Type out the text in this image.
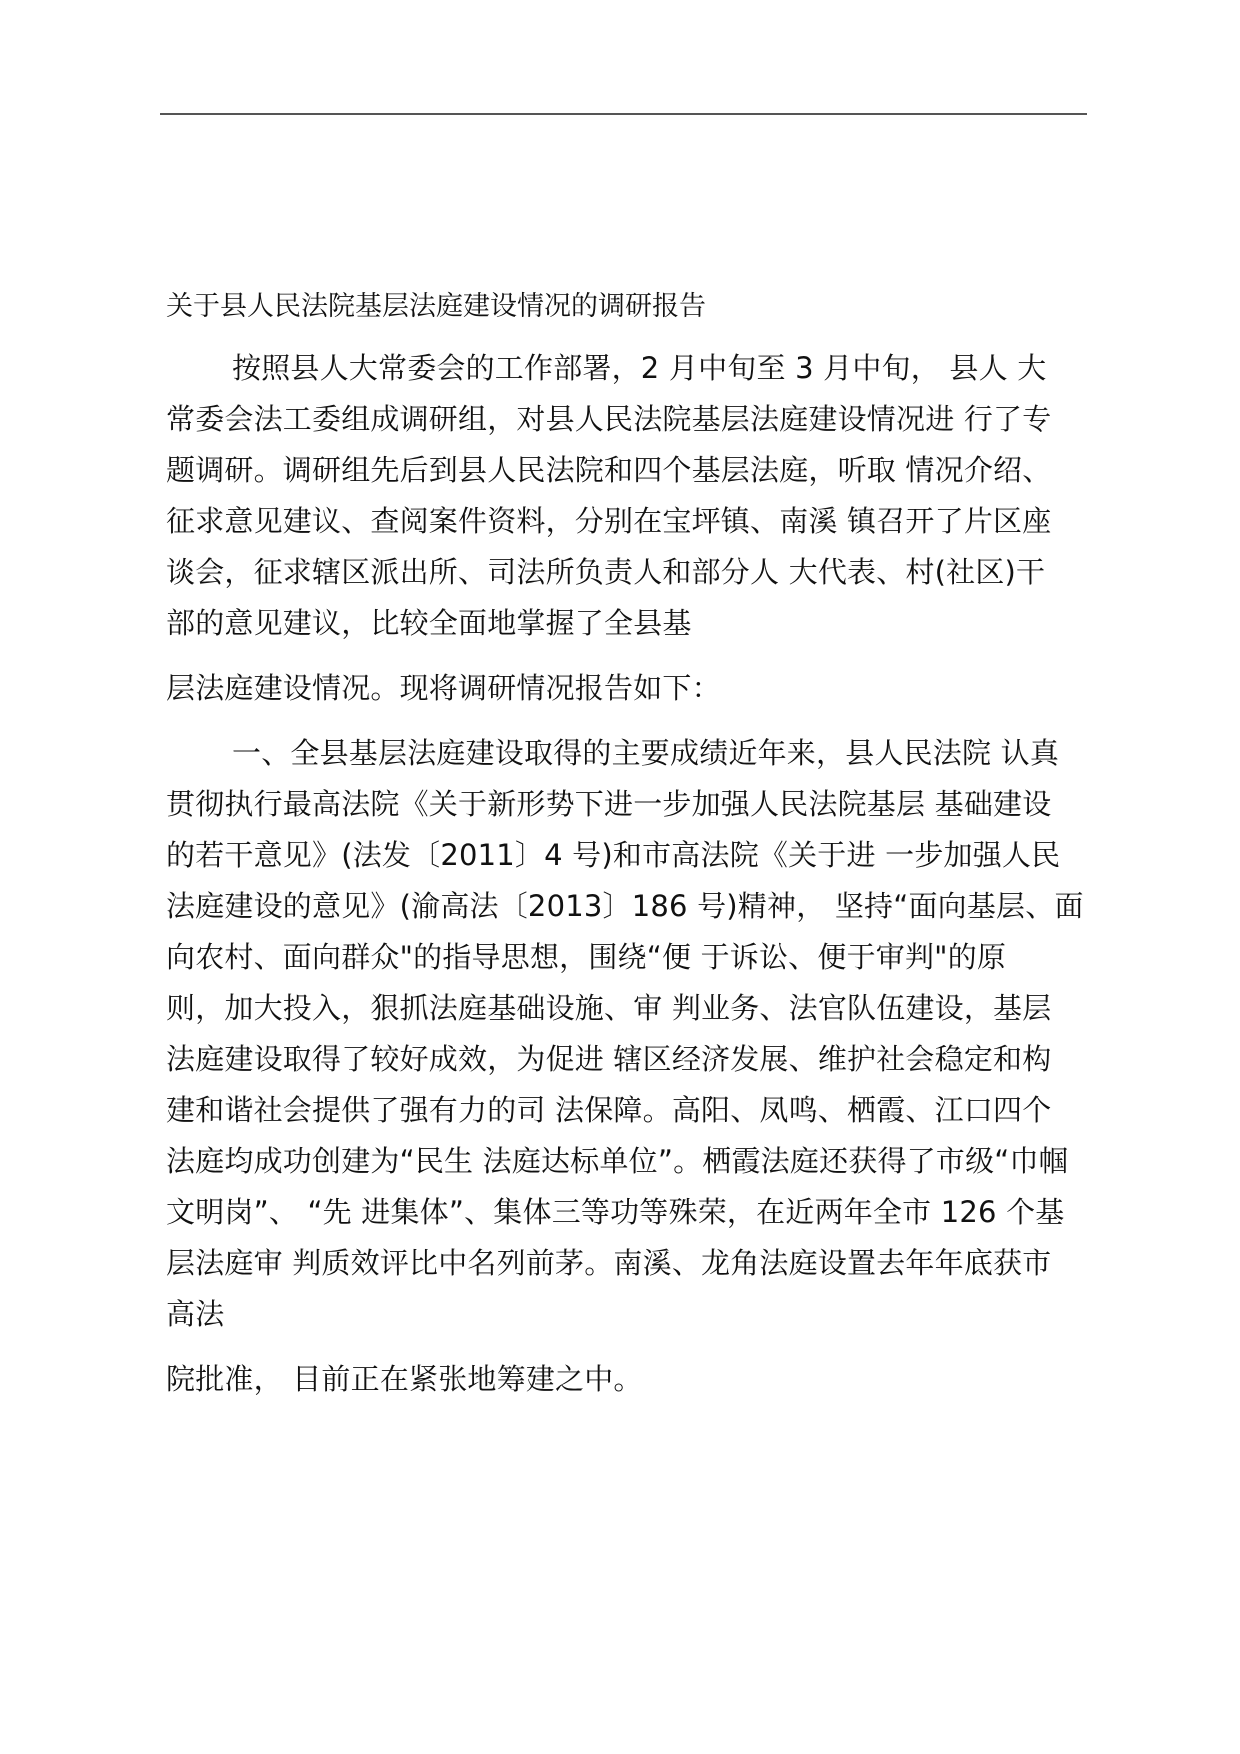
关于县人民法院基层法庭建设情况的调研报告
按照县人大常委会的工作部署，2 月中旬至 3 月中旬， 县人 大
常委会法工委组成调研组，对县人民法院基层法庭建设情况进 行了专
题调研。调研组先后到县人民法院和四个基层法庭，听取 情况介绍、
征求意见建议、查阅案件资料，分别在宝坪镇、南溪 镇召开了片区座
谈会，征求辖区派出所、司法所负责人和部分人 大代表、村(社区)干
部的意见建议，比较全面地掌握了全县基
层法庭建设情况。现将调研情况报告如下：
一、全县基层法庭建设取得的主要成绩近年来，县人民法院 认真
贯彻执行最高法院《关于新形势下进一步加强人民法院基层 基础建设
的若干意见》(法发〔2011〕4 号)和市高法院《关于进 一步加强人民
法庭建设的意见》(渝高法〔2013〕186 号)精神， 坚持“面向基层、面
向农村、面向群众"的指导思想，围绕“便 于诉讼、便于审判"的原
则，加大投入，狠抓法庭基础设施、审 判业务、法官队伍建设，基层
法庭建设取得了较好成效，为促进 辖区经济发展、维护社会稳定和构
建和谐社会提供了强有力的司 法保障。高阳、凤鸣、栖霞、江口四个
法庭均成功创建为“民生 法庭达标单位”。栖霞法庭还获得了市级“巾帼
文明岗”、 “先 进集体”、集体三等功等殊荣，在近两年全市 126 个基
层法庭审 判质效评比中名列前茅。南溪、龙角法庭设置去年年底获市
高法
院批准， 目前正在紧张地筹建之中。
